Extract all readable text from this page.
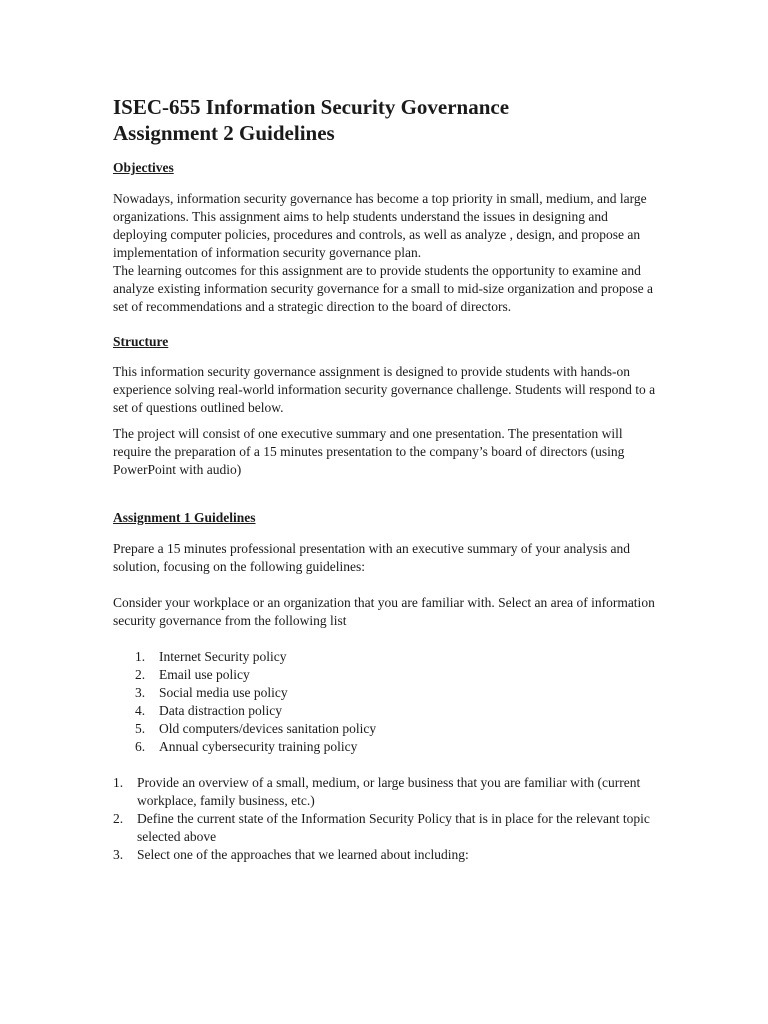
ISEC-655 Information Security Governance
Assignment 2 Guidelines

Objectives

Nowadays, information security governance has become a top priority in small, medium, and large organizations. This assignment aims to help students understand the issues in designing and deploying computer policies, procedures and controls, as well as analyze , design, and propose an implementation of information security governance plan.

The learning outcomes for this assignment are to provide students the opportunity to examine and analyze existing information security governance for a small to mid-size organization and propose a set of recommendations and a strategic direction to the board of directors.

Structure

This information security governance assignment is designed to provide students with hands-on experience solving real-world information security governance challenge. Students will respond to a set of questions outlined below.

The project will consist of one executive summary and one presentation. The presentation will require the preparation of a 15 minutes presentation to the company’s board of directors (using PowerPoint with audio)

Assignment 1 Guidelines

Prepare a 15 minutes professional presentation with an executive summary of your analysis and solution, focusing on the following guidelines:

Consider your workplace or an organization that you are familiar with. Select an area of information security governance from the following list

1. Internet Security policy
2. Email use policy
3. Social media use policy
4. Data distraction policy
5. Old computers/devices sanitation policy
6. Annual cybersecurity training policy
1. Provide an overview of a small, medium, or large business that you are familiar with (current workplace, family business, etc.)
2. Define the current state of the Information Security Policy that is in place for the relevant topic selected above
3. Select one of the approaches that we learned about including:
